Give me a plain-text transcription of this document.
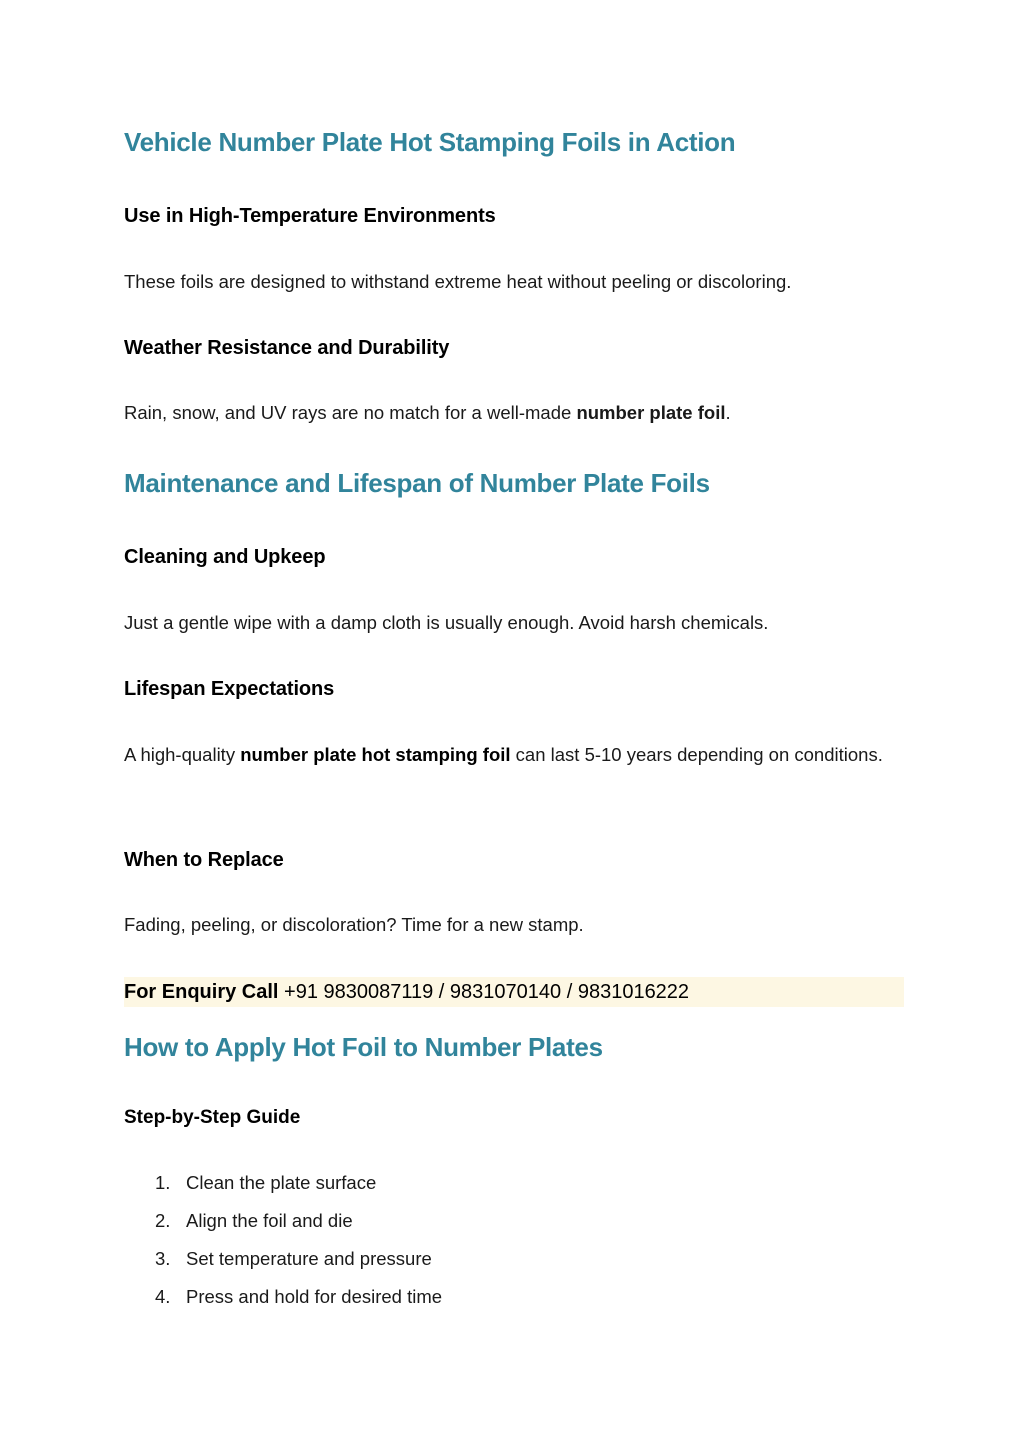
Vehicle Number Plate Hot Stamping Foils in Action
Use in High-Temperature Environments
These foils are designed to withstand extreme heat without peeling or discoloring.
Weather Resistance and Durability
Rain, snow, and UV rays are no match for a well-made number plate foil.
Maintenance and Lifespan of Number Plate Foils
Cleaning and Upkeep
Just a gentle wipe with a damp cloth is usually enough. Avoid harsh chemicals.
Lifespan Expectations
A high-quality number plate hot stamping foil can last 5-10 years depending on conditions.
When to Replace
Fading, peeling, or discoloration? Time for a new stamp.
For Enquiry Call +91 9830087119 / 9831070140 / 9831016222
How to Apply Hot Foil to Number Plates
Step-by-Step Guide
1. Clean the plate surface
2. Align the foil and die
3. Set temperature and pressure
4. Press and hold for desired time
